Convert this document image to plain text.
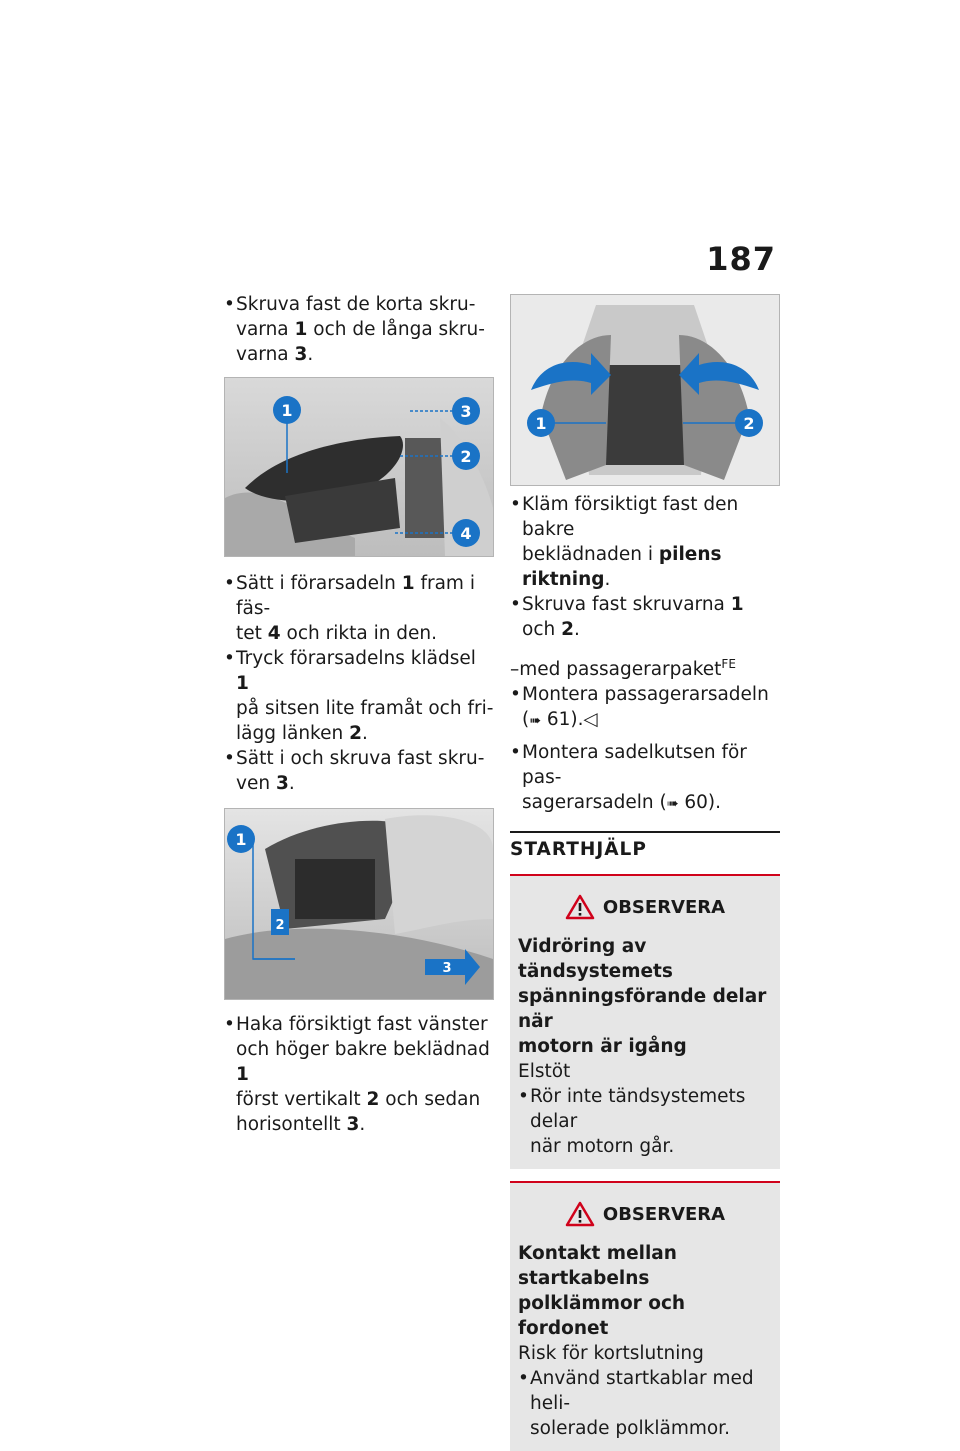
187
• Skruva fast de korta skru-
varna 1 och de långa skru-
varna 3.
1	3
2
4
• Sätt i förarsadeln 1 fram i fäs-
tet 4 och rikta in den.
• Tryck förarsadelns klädsel 1
på sitsen lite framåt och fri-
lägg länken 2.
• Sätt i och skruva fast skru-
ven 3.
1
2
3
• Haka försiktigt fast vänster
och höger bakre beklädnad 1
först vertikalt 2 och sedan
horisontellt 3.
1	2
• Kläm försiktigt fast den bakre
beklädnaden i pilens riktning.
• Skruva fast skruvarna 1 och 2.
–med passagerarpaket$^{FE}$
• Montera passagerarsadeln
(➠ 61).◁
• Montera sadelkutsen för pas-
sagerarsadeln (➠ 60).
STARTHJÄLP
OBSERVERA
Vidröring av tändsystemets
spänningsförande delar när
motorn är igång
Elstöt
• Rör inte tändsystemets delar
när motorn går.
OBSERVERA
Kontakt mellan startkabelns
polklämmor och fordonet
Risk för kortslutning
• Använd startkablar med heli-
solerade polklämmor.
